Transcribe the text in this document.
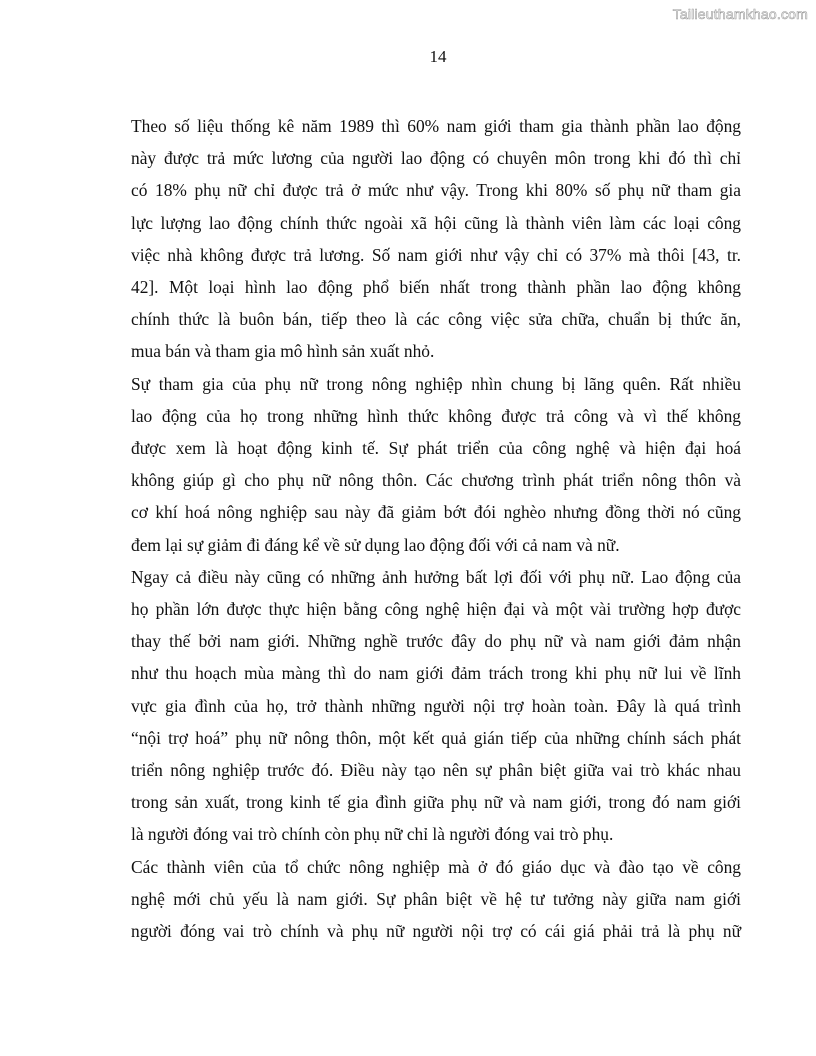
Tailieuthamkhao.com
14

Theo số liệu thống kê năm 1989 thì 60% nam giới tham gia thành phần lao động
này được trả mức lương của người lao động có chuyên môn trong khi đó thì chỉ
có 18% phụ nữ chỉ được trả ở mức như vậy. Trong khi 80% số phụ nữ tham gia
lực lượng lao động chính thức ngoài xã hội cũng là thành viên làm các loại công
việc nhà không được trả lương. Số nam giới như vậy chỉ có 37% mà thôi [43, tr.
42]. Một loại hình lao động phổ biến nhất trong thành phần lao động không
chính thức là buôn bán, tiếp theo là các công việc sửa chữa, chuẩn bị thức ăn,
mua bán và tham gia mô hình sản xuất nhỏ.

Sự tham gia của phụ nữ trong nông nghiệp nhìn chung bị lãng quên. Rất nhiều
lao động của họ trong những hình thức không được trả công và vì thế không
được xem là hoạt động kinh tế. Sự phát triển của công nghệ và hiện đại hoá
không giúp gì cho phụ nữ nông thôn. Các chương trình phát triển nông thôn và
cơ khí hoá nông nghiệp sau này đã giảm bớt đói nghèo nhưng đồng thời nó cũng
đem lại sự giảm đi đáng kể về sử dụng lao động đối với cả nam và nữ.

Ngay cả điều này cũng có những ảnh hưởng bất lợi đối với phụ nữ. Lao động của
họ phần lớn được thực hiện bằng công nghệ hiện đại và một vài trường hợp được
thay thế bởi nam giới. Những nghề trước đây do phụ nữ và nam giới đảm nhận
như thu hoạch mùa màng thì do nam giới đảm trách trong khi phụ nữ lui về lĩnh
vực gia đình của họ, trở thành những người nội trợ hoàn toàn. Đây là quá trình
“nội trợ hoá” phụ nữ nông thôn, một kết quả gián tiếp của những chính sách phát
triển nông nghiệp trước đó. Điều này tạo nên sự phân biệt giữa vai trò khác nhau
trong sản xuất, trong kinh tế gia đình giữa phụ nữ và nam giới, trong đó nam giới
là người đóng vai trò chính còn phụ nữ chỉ là người đóng vai trò phụ.

Các thành viên của tổ chức nông nghiệp mà ở đó giáo dục và đào tạo về công
nghệ mới chủ yếu là nam giới. Sự phân biệt về hệ tư tưởng này giữa nam giới
người đóng vai trò chính và phụ nữ người nội trợ có cái giá phải trả là phụ nữ
